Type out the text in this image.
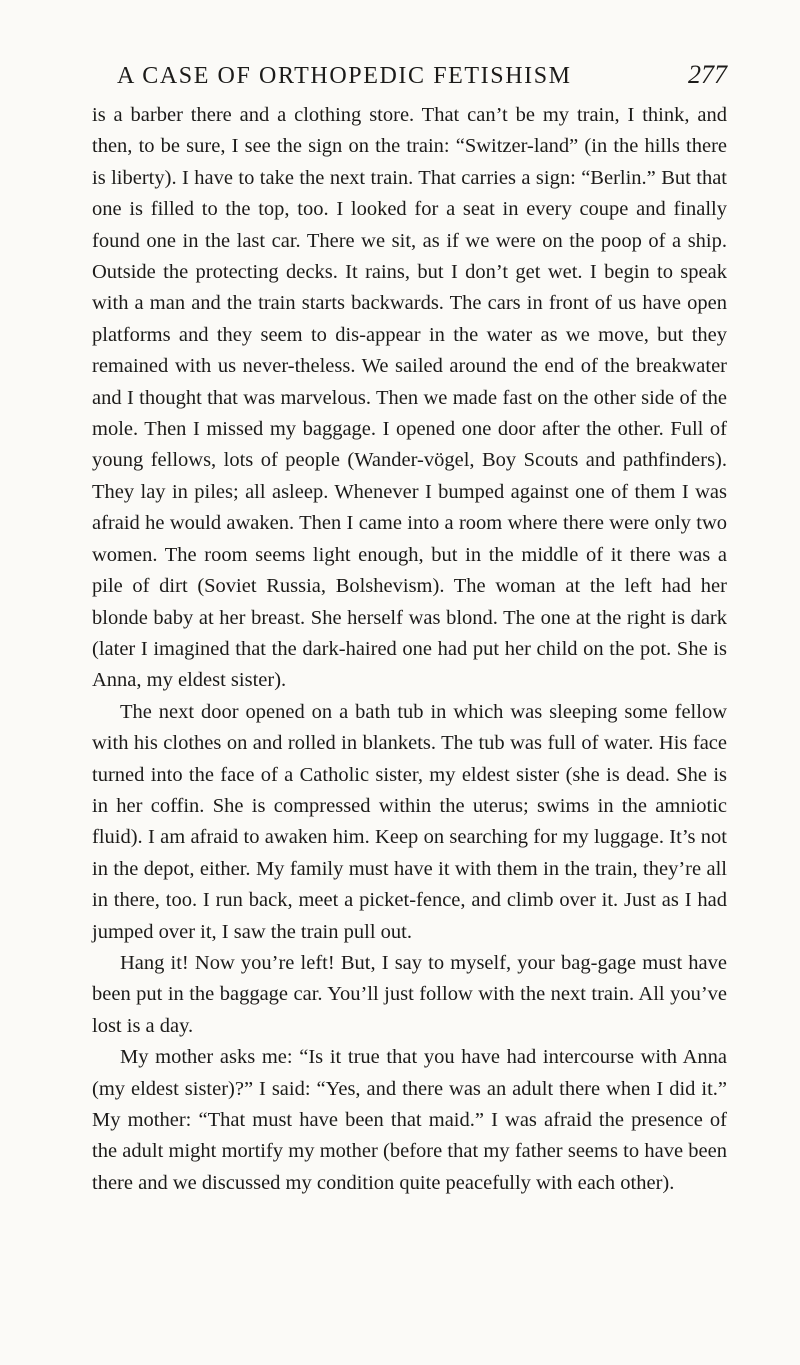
A CASE OF ORTHOPEDIC FETISHISM	277

is a barber there and a clothing store. That can’t be my train, I think, and then, to be sure, I see the sign on the train: “Switzer-land” (in the hills there is liberty). I have to take the next train. That carries a sign: “Berlin.” But that one is filled to the top, too. I looked for a seat in every coupe and finally found one in the last car. There we sit, as if we were on the poop of a ship. Outside the protecting decks. It rains, but I don’t get wet. I begin to speak with a man and the train starts backwards. The cars in front of us have open platforms and they seem to dis-appear in the water as we move, but they remained with us never-theless. We sailed around the end of the breakwater and I thought that was marvelous. Then we made fast on the other side of the mole. Then I missed my baggage. I opened one door after the other. Full of young fellows, lots of people (Wander-vögel, Boy Scouts and pathfinders). They lay in piles; all asleep. Whenever I bumped against one of them I was afraid he would awaken. Then I came into a room where there were only two women. The room seems light enough, but in the middle of it there was a pile of dirt (Soviet Russia, Bolshevism). The woman at the left had her blonde baby at her breast. She herself was blond. The one at the right is dark (later I imagined that the dark-haired one had put her child on the pot. She is Anna, my eldest sister).

The next door opened on a bath tub in which was sleeping some fellow with his clothes on and rolled in blankets. The tub was full of water. His face turned into the face of a Catholic sister, my eldest sister (she is dead. She is in her coffin. She is compressed within the uterus; swims in the amniotic fluid). I am afraid to awaken him. Keep on searching for my luggage. It’s not in the depot, either. My family must have it with them in the train, they’re all in there, too. I run back, meet a picket-fence, and climb over it. Just as I had jumped over it, I saw the train pull out.

Hang it! Now you’re left! But, I say to myself, your bag-gage must have been put in the baggage car. You’ll just follow with the next train. All you’ve lost is a day.

My mother asks me: “Is it true that you have had intercourse with Anna (my eldest sister)?” I said: “Yes, and there was an adult there when I did it.” My mother: “That must have been that maid.” I was afraid the presence of the adult might mortify my mother (before that my father seems to have been there and we discussed my condition quite peacefully with each other).
